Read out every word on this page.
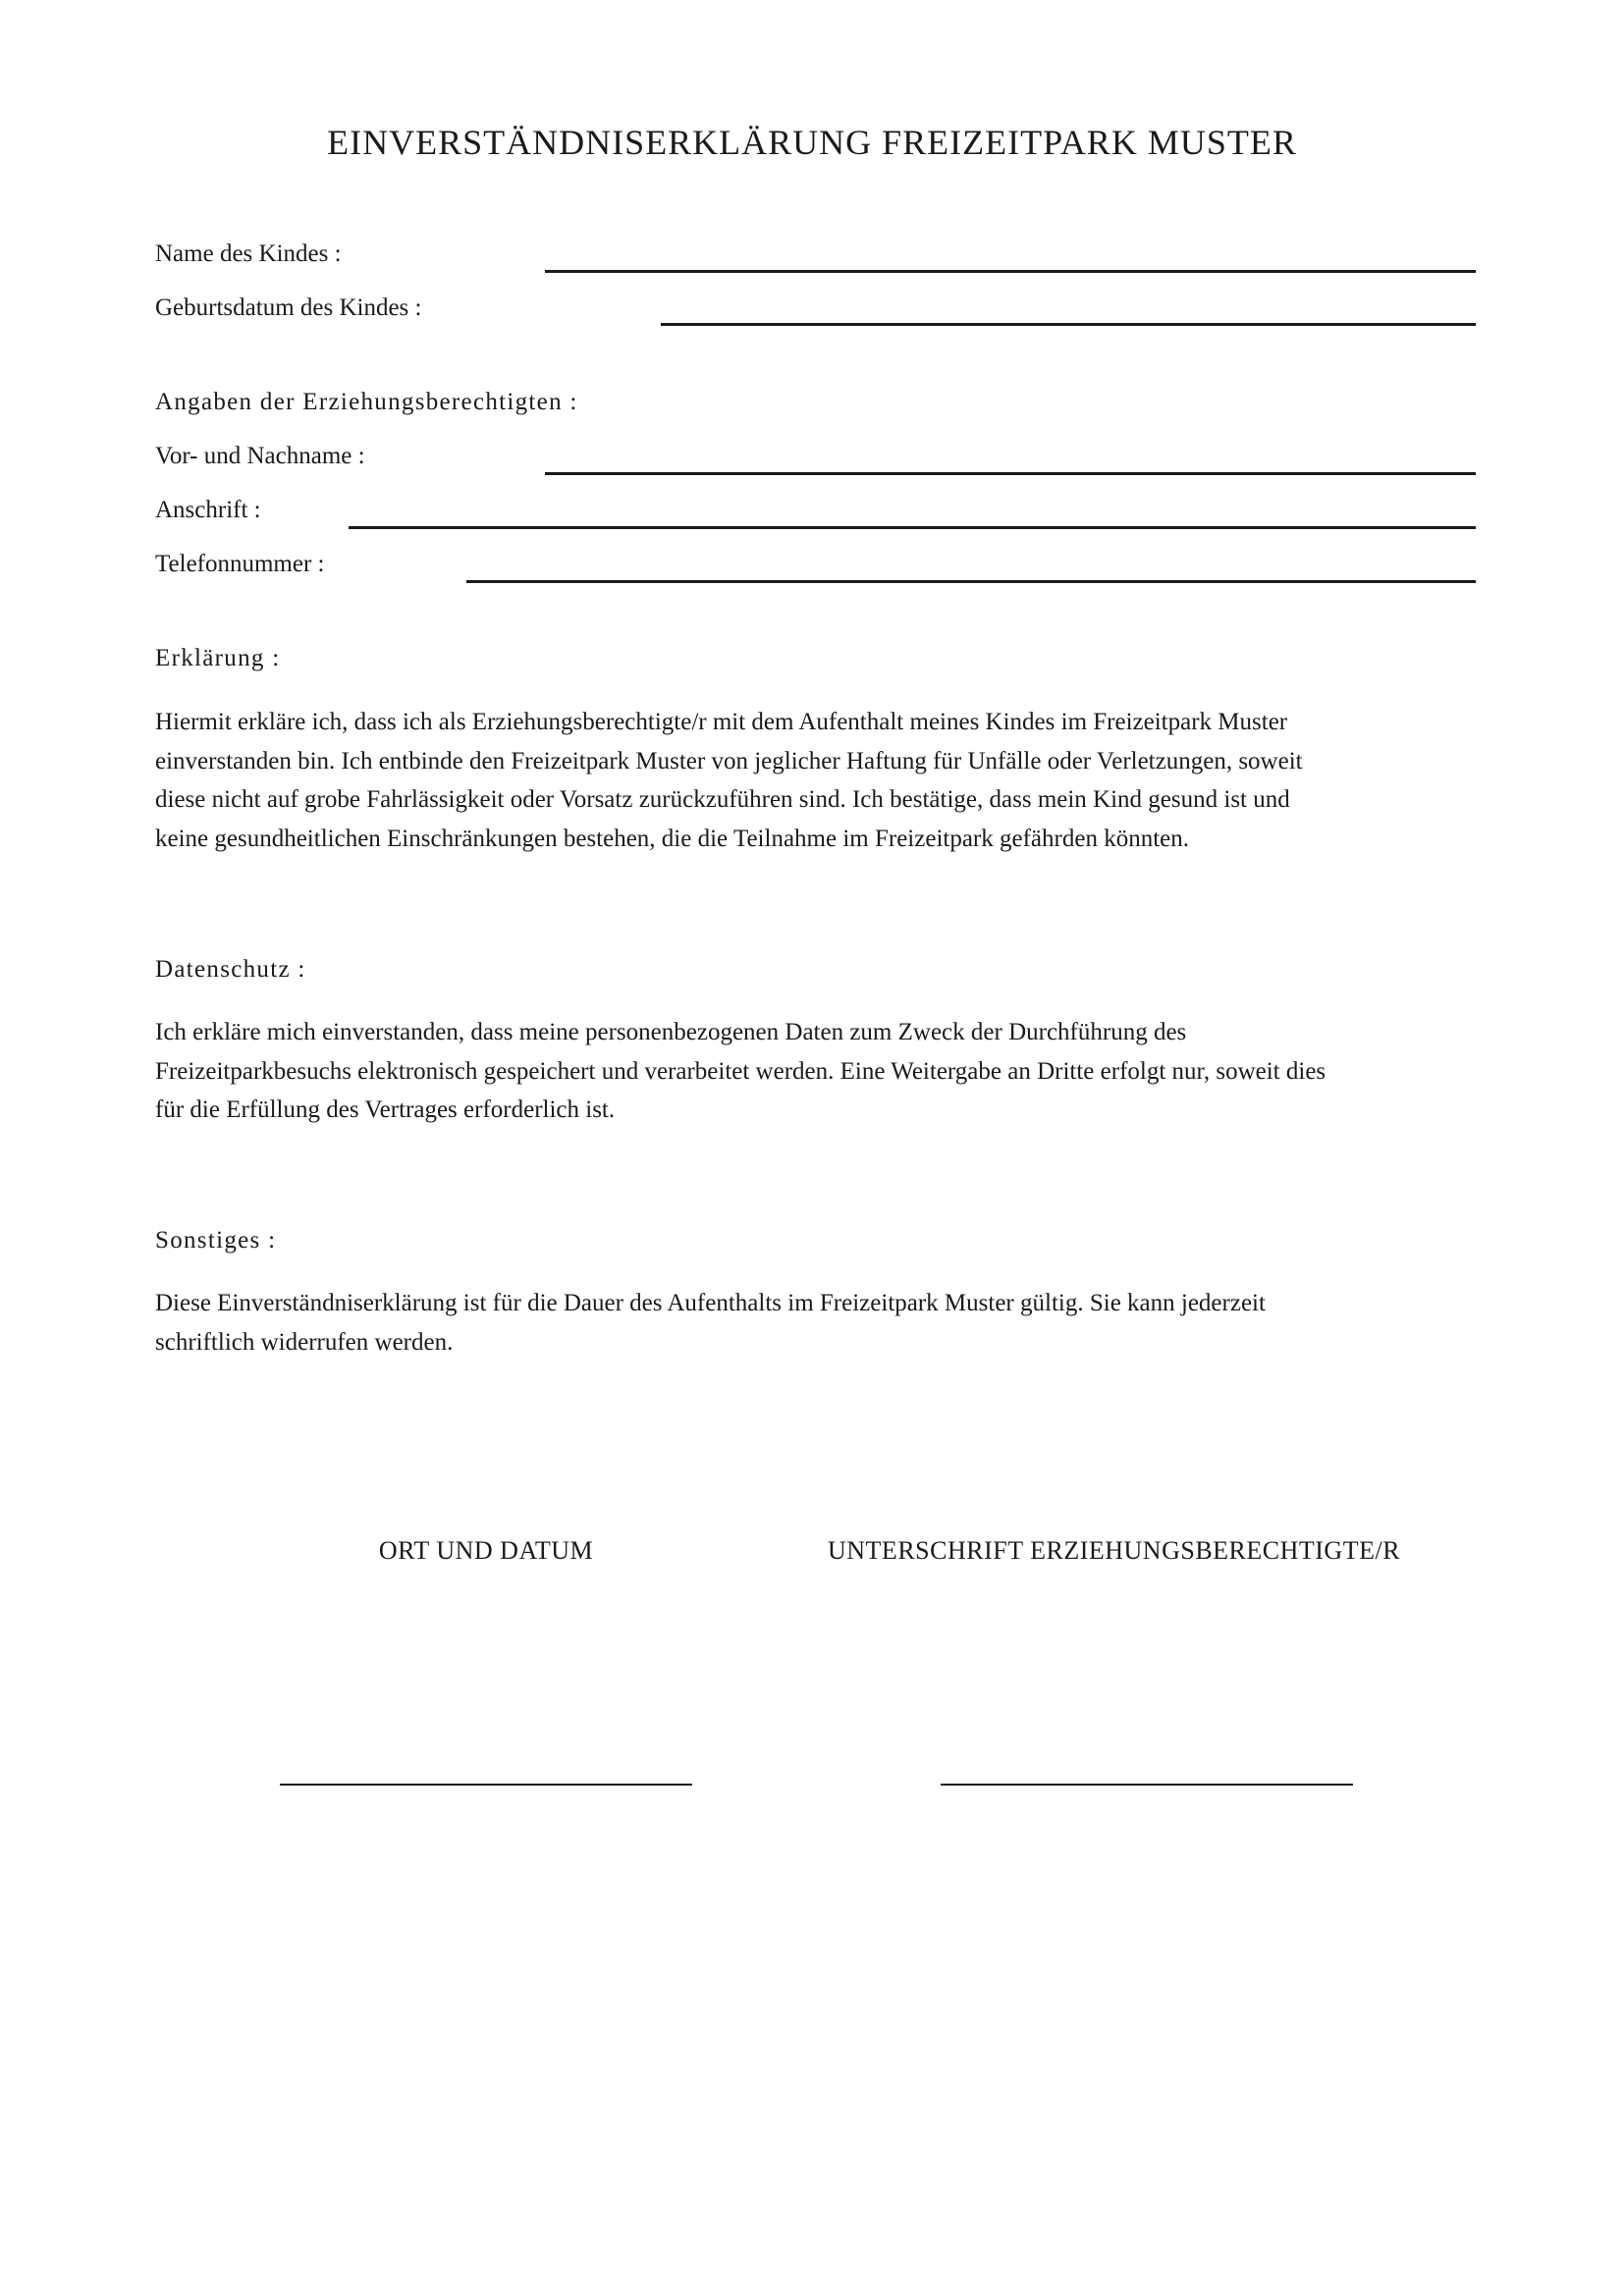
EINVERSTÄNDNISERKLÄRUNG FREIZEITPARK MUSTER
Name des Kindes :
Geburtsdatum des Kindes :
Angaben der Erziehungsberechtigten :
Vor- und Nachname :
Anschrift :
Telefonnummer :
Erklärung :
Hiermit erkläre ich, dass ich als Erziehungsberechtigte/r mit dem Aufenthalt meines Kindes im Freizeitpark Muster
einverstanden bin. Ich entbinde den Freizeitpark Muster von jeglicher Haftung für Unfälle oder Verletzungen, soweit
diese nicht auf grobe Fahrlässigkeit oder Vorsatz zurückzuführen sind. Ich bestätige, dass mein Kind gesund ist und
keine gesundheitlichen Einschränkungen bestehen, die die Teilnahme im Freizeitpark gefährden könnten.
Datenschutz :
Ich erkläre mich einverstanden, dass meine personenbezogenen Daten zum Zweck der Durchführung des
Freizeitparkbesuchs elektronisch gespeichert und verarbeitet werden. Eine Weitergabe an Dritte erfolgt nur, soweit dies
für die Erfüllung des Vertrages erforderlich ist.
Sonstiges :
Diese Einverständniserklärung ist für die Dauer des Aufenthalts im Freizeitpark Muster gültig. Sie kann jederzeit
schriftlich widerrufen werden.
ORT UND DATUM	UNTERSCHRIFT ERZIEHUNGSBERECHTIGTE/R
